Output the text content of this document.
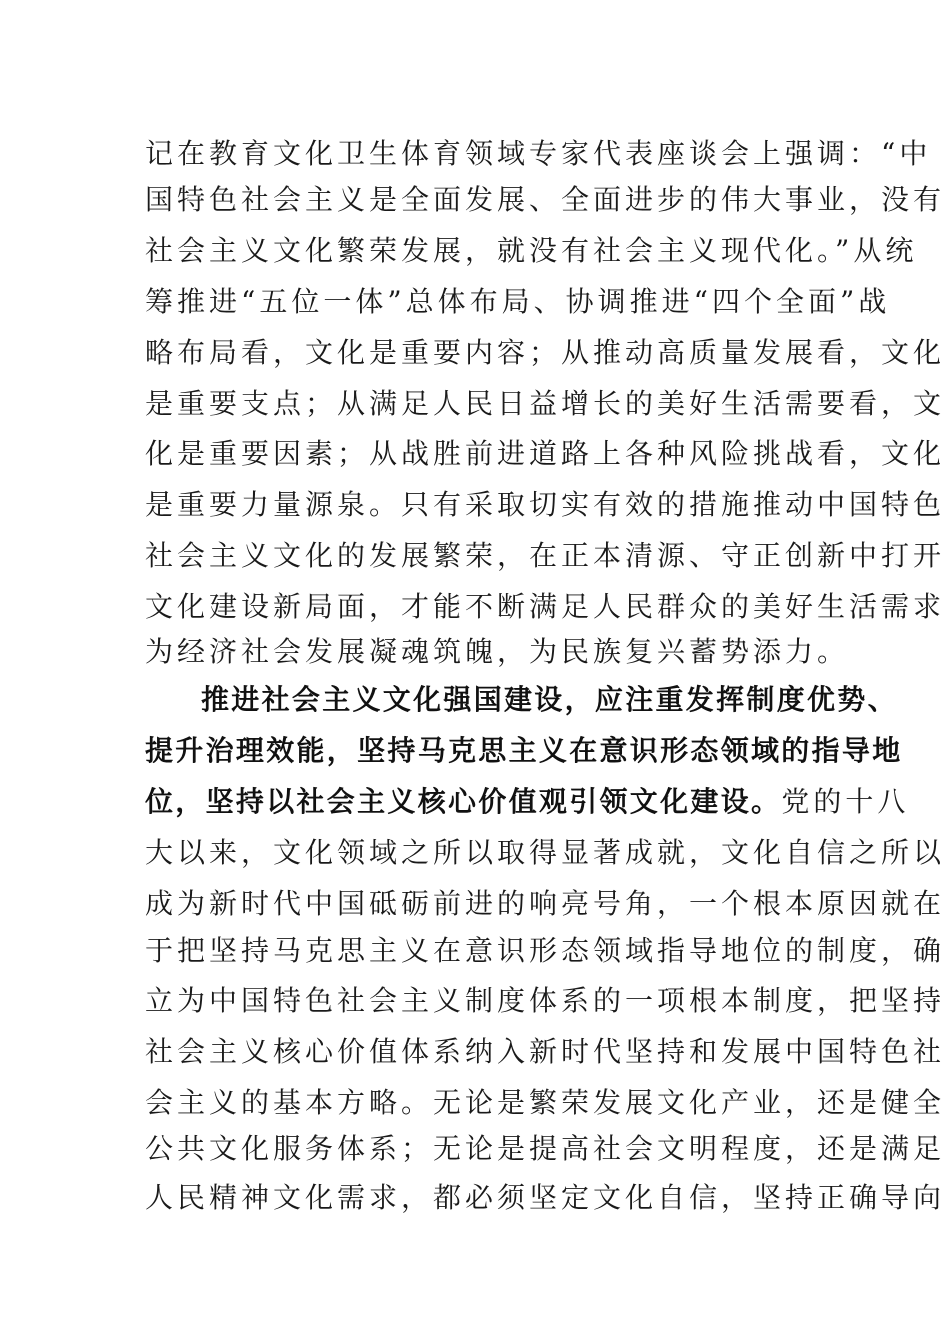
记在教育文化卫生体育领域专家代表座谈会上强调：“中
国特色社会主义是全面发展、全面进步的伟大事业，没有
社会主义文化繁荣发展，就没有社会主义现代化。”从统
筹推进“五位一体”总体布局、协调推进“四个全面”战
略布局看，文化是重要内容；从推动高质量发展看，文化
是重要支点；从满足人民日益增长的美好生活需要看，文
化是重要因素；从战胜前进道路上各种风险挑战看，文化
是重要力量源泉。只有采取切实有效的措施推动中国特色
社会主义文化的发展繁荣，在正本清源、守正创新中打开
文化建设新局面，才能不断满足人民群众的美好生活需求
为经济社会发展凝魂筑魄，为民族复兴蓄势添力。
推进社会主义文化强国建设，应注重发挥制度优势、
提升治理效能，坚持马克思主义在意识形态领域的指导地
位，坚持以社会主义核心价值观引领文化建设。党的十八
大以来，文化领域之所以取得显著成就，文化自信之所以
成为新时代中国砥砺前进的响亮号角，一个根本原因就在
于把坚持马克思主义在意识形态领域指导地位的制度，确
立为中国特色社会主义制度体系的一项根本制度，把坚持
社会主义核心价值体系纳入新时代坚持和发展中国特色社
会主义的基本方略。无论是繁荣发展文化产业，还是健全
公共文化服务体系；无论是提高社会文明程度，还是满足
人民精神文化需求，都必须坚定文化自信，坚持正确导向
